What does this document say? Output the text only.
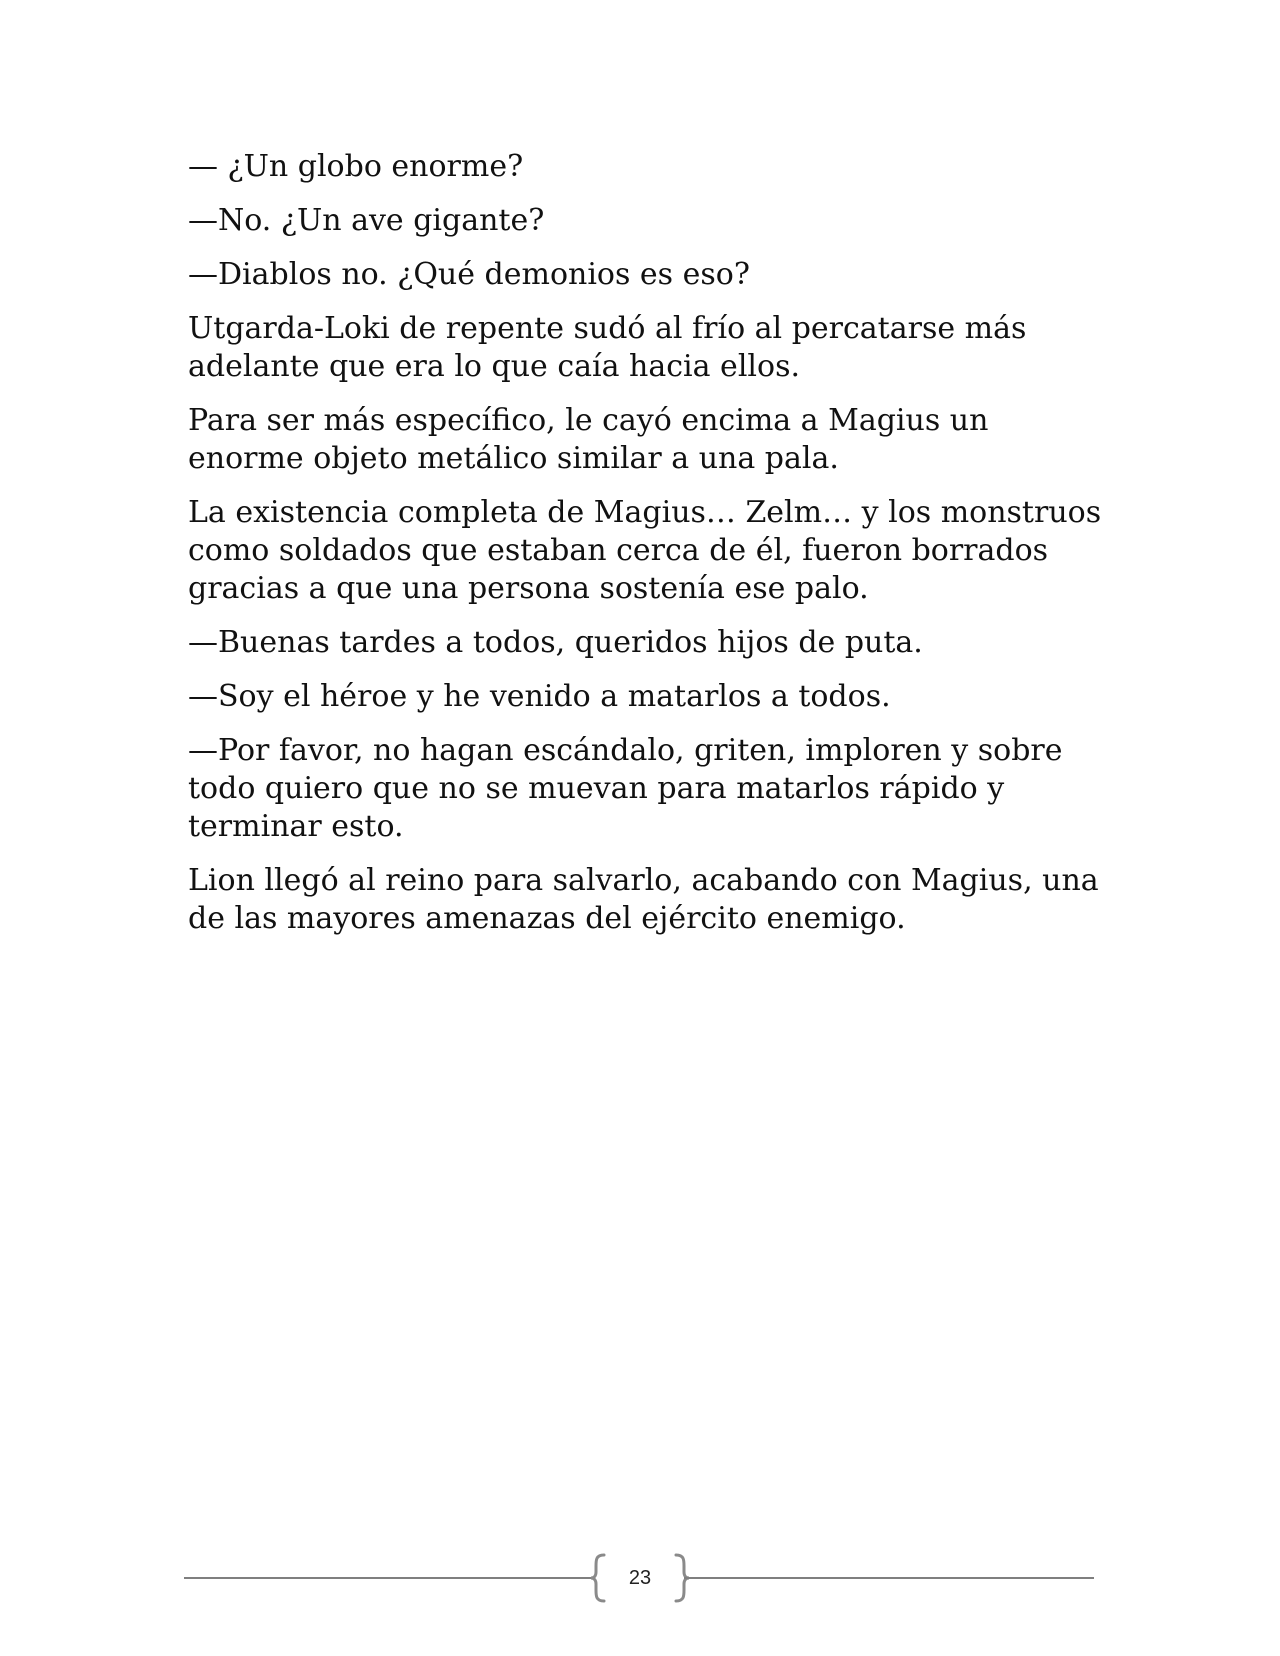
— ¿Un globo enorme?

—No. ¿Un ave gigante?

—Diablos no. ¿Qué demonios es eso?

Utgarda-Loki de repente sudó al frío al percatarse más adelante que era lo que caía hacia ellos.

Para ser más específico, le cayó encima a Magius un enorme objeto metálico similar a una pala.

La existencia completa de Magius… Zelm… y los monstruos como soldados que estaban cerca de él, fueron borrados gracias a que una persona sostenía ese palo.

—Buenas tardes a todos, queridos hijos de puta.

—Soy el héroe y he venido a matarlos a todos.

—Por favor, no hagan escándalo, griten, imploren y sobre todo quiero que no se muevan para matarlos rápido y terminar esto.

Lion llegó al reino para salvarlo, acabando con Magius, una de las mayores amenazas del ejército enemigo.

23
